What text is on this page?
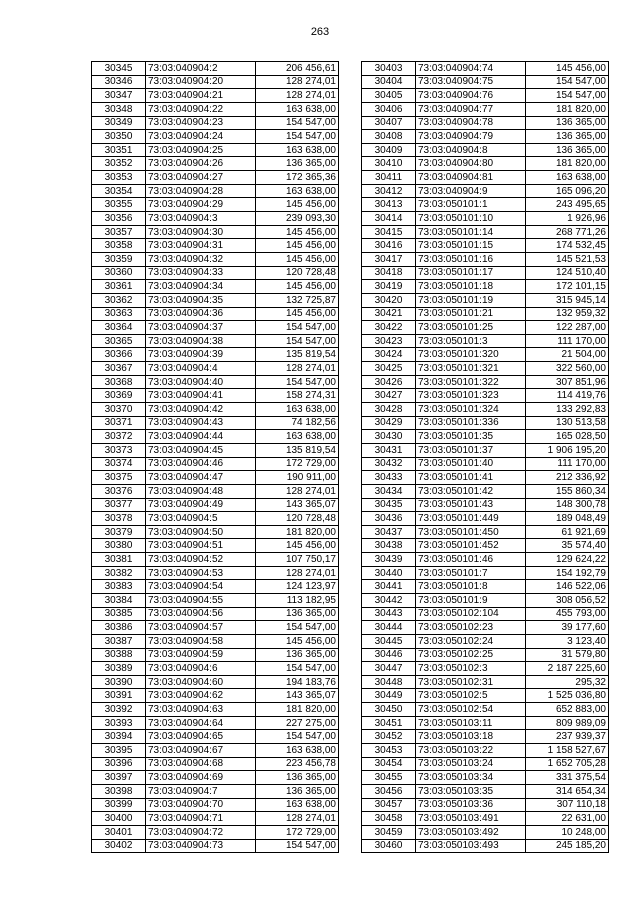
263
30345	73:03:040904:2	206 456,61
30346	73:03:040904:20	128 274,01
30347	73:03:040904:21	128 274,01
30348	73:03:040904:22	163 638,00
30349	73:03:040904:23	154 547,00
30350	73:03:040904:24	154 547,00
30351	73:03:040904:25	163 638,00
30352	73:03:040904:26	136 365,00
30353	73:03:040904:27	172 365,36
30354	73:03:040904:28	163 638,00
30355	73:03:040904:29	145 456,00
30356	73:03:040904:3	239 093,30
30357	73:03:040904:30	145 456,00
30358	73:03:040904:31	145 456,00
30359	73:03:040904:32	145 456,00
30360	73:03:040904:33	120 728,48
30361	73:03:040904:34	145 456,00
30362	73:03:040904:35	132 725,87
30363	73:03:040904:36	145 456,00
30364	73:03:040904:37	154 547,00
30365	73:03:040904:38	154 547,00
30366	73:03:040904:39	135 819,54
30367	73:03:040904:4	128 274,01
30368	73:03:040904:40	154 547,00
30369	73:03:040904:41	158 274,31
30370	73:03:040904:42	163 638,00
30371	73:03:040904:43	74 182,56
30372	73:03:040904:44	163 638,00
30373	73:03:040904:45	135 819,54
30374	73:03:040904:46	172 729,00
30375	73:03:040904:47	190 911,00
30376	73:03:040904:48	128 274,01
30377	73:03:040904:49	143 365,07
30378	73:03:040904:5	120 728,48
30379	73:03:040904:50	181 820,00
30380	73:03:040904:51	145 456,00
30381	73:03:040904:52	107 750,17
30382	73:03:040904:53	128 274,01
30383	73:03:040904:54	124 123,97
30384	73:03:040904:55	113 182,95
30385	73:03:040904:56	136 365,00
30386	73:03:040904:57	154 547,00
30387	73:03:040904:58	145 456,00
30388	73:03:040904:59	136 365,00
30389	73:03:040904:6	154 547,00
30390	73:03:040904:60	194 183,76
30391	73:03:040904:62	143 365,07
30392	73:03:040904:63	181 820,00
30393	73:03:040904:64	227 275,00
30394	73:03:040904:65	154 547,00
30395	73:03:040904:67	163 638,00
30396	73:03:040904:68	223 456,78
30397	73:03:040904:69	136 365,00
30398	73:03:040904:7	136 365,00
30399	73:03:040904:70	163 638,00
30400	73:03:040904:71	128 274,01
30401	73:03:040904:72	172 729,00
30402	73:03:040904:73	154 547,00
30403	73:03:040904:74	145 456,00
30404	73:03:040904:75	154 547,00
30405	73:03:040904:76	154 547,00
30406	73:03:040904:77	181 820,00
30407	73:03:040904:78	136 365,00
30408	73:03:040904:79	136 365,00
30409	73:03:040904:8	136 365,00
30410	73:03:040904:80	181 820,00
30411	73:03:040904:81	163 638,00
30412	73:03:040904:9	165 096,20
30413	73:03:050101:1	243 495,65
30414	73:03:050101:10	1 926,96
30415	73:03:050101:14	268 771,26
30416	73:03:050101:15	174 532,45
30417	73:03:050101:16	145 521,53
30418	73:03:050101:17	124 510,40
30419	73:03:050101:18	172 101,15
30420	73:03:050101:19	315 945,14
30421	73:03:050101:21	132 959,32
30422	73:03:050101:25	122 287,00
30423	73:03:050101:3	111 170,00
30424	73:03:050101:320	21 504,00
30425	73:03:050101:321	322 560,00
30426	73:03:050101:322	307 851,96
30427	73:03:050101:323	114 419,76
30428	73:03:050101:324	133 292,83
30429	73:03:050101:336	130 513,58
30430	73:03:050101:35	165 028,50
30431	73:03:050101:37	1 906 195,20
30432	73:03:050101:40	111 170,00
30433	73:03:050101:41	212 336,92
30434	73:03:050101:42	155 860,34
30435	73:03:050101:43	148 300,78
30436	73:03:050101:449	189 048,49
30437	73:03:050101:450	61 921,69
30438	73:03:050101:452	35 574,40
30439	73:03:050101:46	129 624,22
30440	73:03:050101:7	154 192,79
30441	73:03:050101:8	146 522,06
30442	73:03:050101:9	308 056,52
30443	73:03:050102:104	455 793,00
30444	73:03:050102:23	39 177,60
30445	73:03:050102:24	3 123,40
30446	73:03:050102:25	31 579,80
30447	73:03:050102:3	2 187 225,60
30448	73:03:050102:31	295,32
30449	73:03:050102:5	1 525 036,80
30450	73:03:050102:54	652 883,00
30451	73:03:050103:11	809 989,09
30452	73:03:050103:18	237 939,37
30453	73:03:050103:22	1 158 527,67
30454	73:03:050103:24	1 652 705,28
30455	73:03:050103:34	331 375,54
30456	73:03:050103:35	314 654,34
30457	73:03:050103:36	307 110,18
30458	73:03:050103:491	22 631,00
30459	73:03:050103:492	10 248,00
30460	73:03:050103:493	245 185,20
